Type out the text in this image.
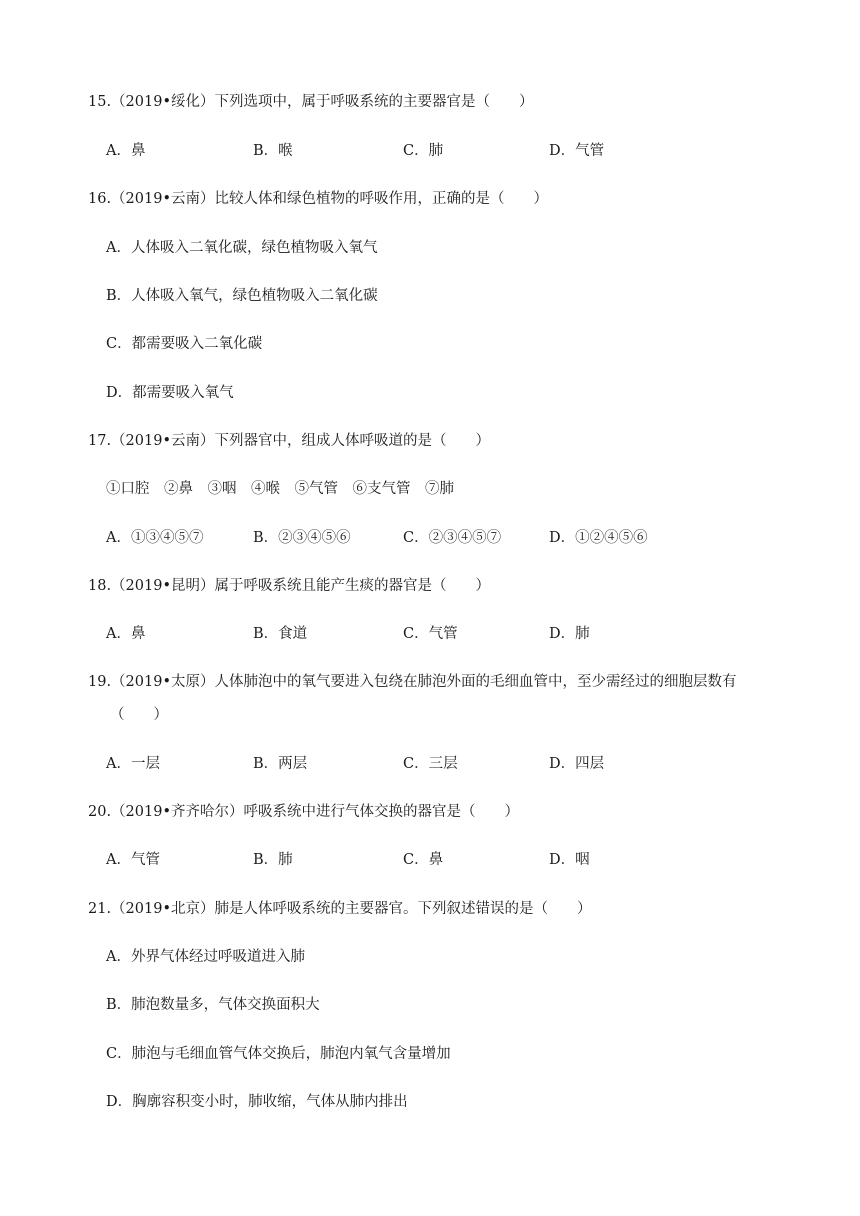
15.（2019•绥化）下列选项中，属于呼吸系统的主要器官是（　　）
A．鼻	B．喉	C．肺	D．气管
16.（2019•云南）比较人体和绿色植物的呼吸作用，正确的是（　　）
A．人体吸入二氧化碳，绿色植物吸入氧气
B．人体吸入氧气，绿色植物吸入二氧化碳
C．都需要吸入二氧化碳
D．都需要吸入氧气
17.（2019•云南）下列器官中，组成人体呼吸道的是（　　）
①口腔　②鼻　③咽　④喉　⑤气管　⑥支气管　⑦肺
A．①③④⑤⑦	B．②③④⑤⑥	C．②③④⑤⑦	D．①②④⑤⑥
18.（2019•昆明）属于呼吸系统且能产生痰的器官是（　　）
A．鼻	B．食道	C．气管	D．肺
19.（2019•太原）人体肺泡中的氧气要进入包绕在肺泡外面的毛细血管中，至少需经过的细胞层数有
（　　）
A．一层	B．两层	C．三层	D．四层
20.（2019•齐齐哈尔）呼吸系统中进行气体交换的器官是（　　）
A．气管	B．肺	C．鼻	D．咽
21.（2019•北京）肺是人体呼吸系统的主要器官。下列叙述错误的是（　　）
A．外界气体经过呼吸道进入肺
B．肺泡数量多，气体交换面积大
C．肺泡与毛细血管气体交换后，肺泡内氧气含量增加
D．胸廓容积变小时，肺收缩，气体从肺内排出
